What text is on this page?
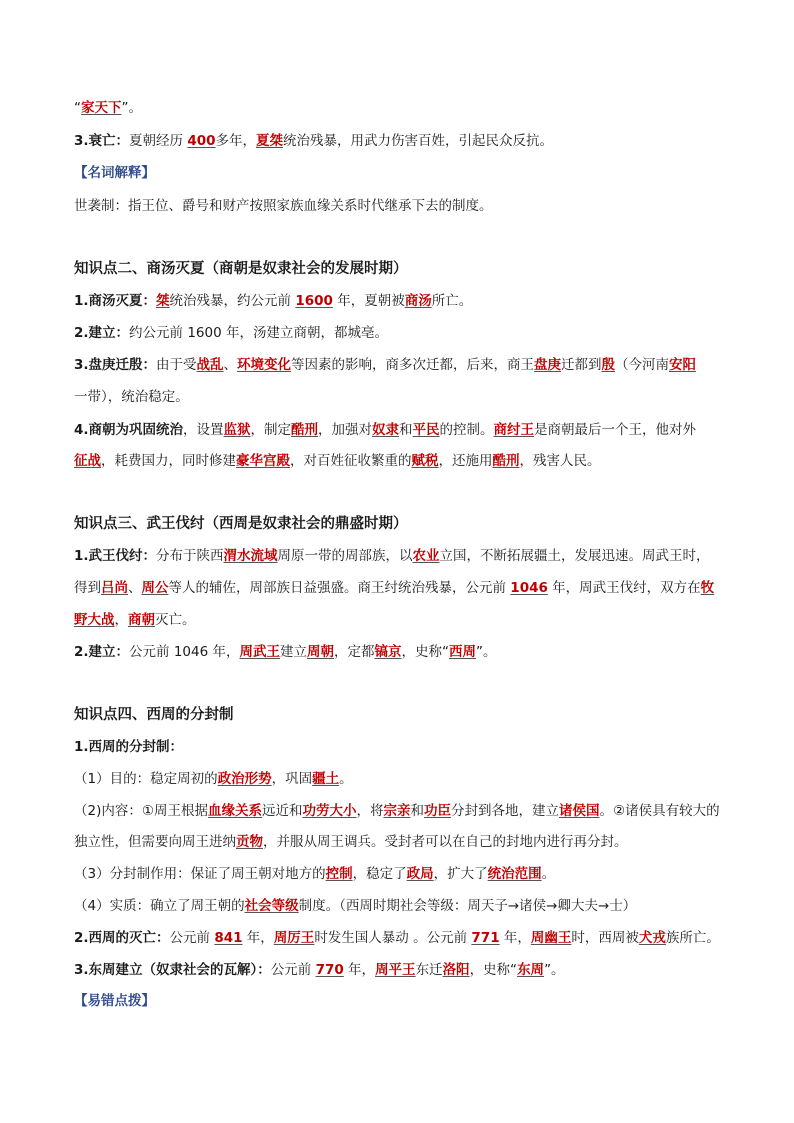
“家天下”。
3.衰亡：夏朝经历 400多年，夏桀统治残暴，用武力伤害百姓，引起民众反抗。
【名词解释】
世袭制：指王位、爵号和财产按照家族血缘关系时代继承下去的制度。
知识点二、商汤灭夏（商朝是奴隶社会的发展时期）
1.商汤灭夏：桀统治残暴，约公元前 1600 年，夏朝被商汤所亡。
2.建立：约公元前 1600 年，汤建立商朝，都城亳。
3.盘庚迁殷：由于受战乱、环境变化等因素的影响，商多次迁都，后来，商王盘庚迁都到殷（今河南安阳
一带），统治稳定。
4.商朝为巩固统治，设置监狱，制定酷刑，加强对奴隶和平民的控制。商纣王是商朝最后一个王，他对外
征战，耗费国力，同时修建豪华宫殿，对百姓征收繁重的赋税，还施用酷刑，残害人民。
知识点三、武王伐纣（西周是奴隶社会的鼎盛时期）
1.武王伐纣：分布于陕西渭水流域周原一带的周部族，以农业立国，不断拓展疆土，发展迅速。周武王时，
得到吕尚、周公等人的辅佐，周部族日益强盛。商王纣统治残暴，公元前 1046 年，周武王伐纣，双方在牧
野大战，商朝灭亡。
2.建立：公元前 1046 年，周武王建立周朝，定都镐京，史称“西周”。
知识点四、西周的分封制
1.西周的分封制：
（1）目的：稳定周初的政治形势，巩固疆土。
（2)内容：①周王根据血缘关系远近和功劳大小，将宗亲和功臣分封到各地，建立诸侯国。②诸侯具有较大的
独立性，但需要向周王进纳贡物，并服从周王调兵。受封者可以在自己的封地内进行再分封。
（3）分封制作用：保证了周王朝对地方的控制，稳定了政局，扩大了统治范围。
（4）实质：确立了周王朝的社会等级制度。（西周时期社会等级：周天子→诸侯→卿大夫→士）
2.西周的灭亡：公元前 841 年，周厉王时发生国人暴动 。公元前 771 年，周幽王时，西周被犬戎族所亡。
3.东周建立（奴隶社会的瓦解）：公元前 770 年，周平王东迁洛阳，史称“东周”。
【易错点拨】
